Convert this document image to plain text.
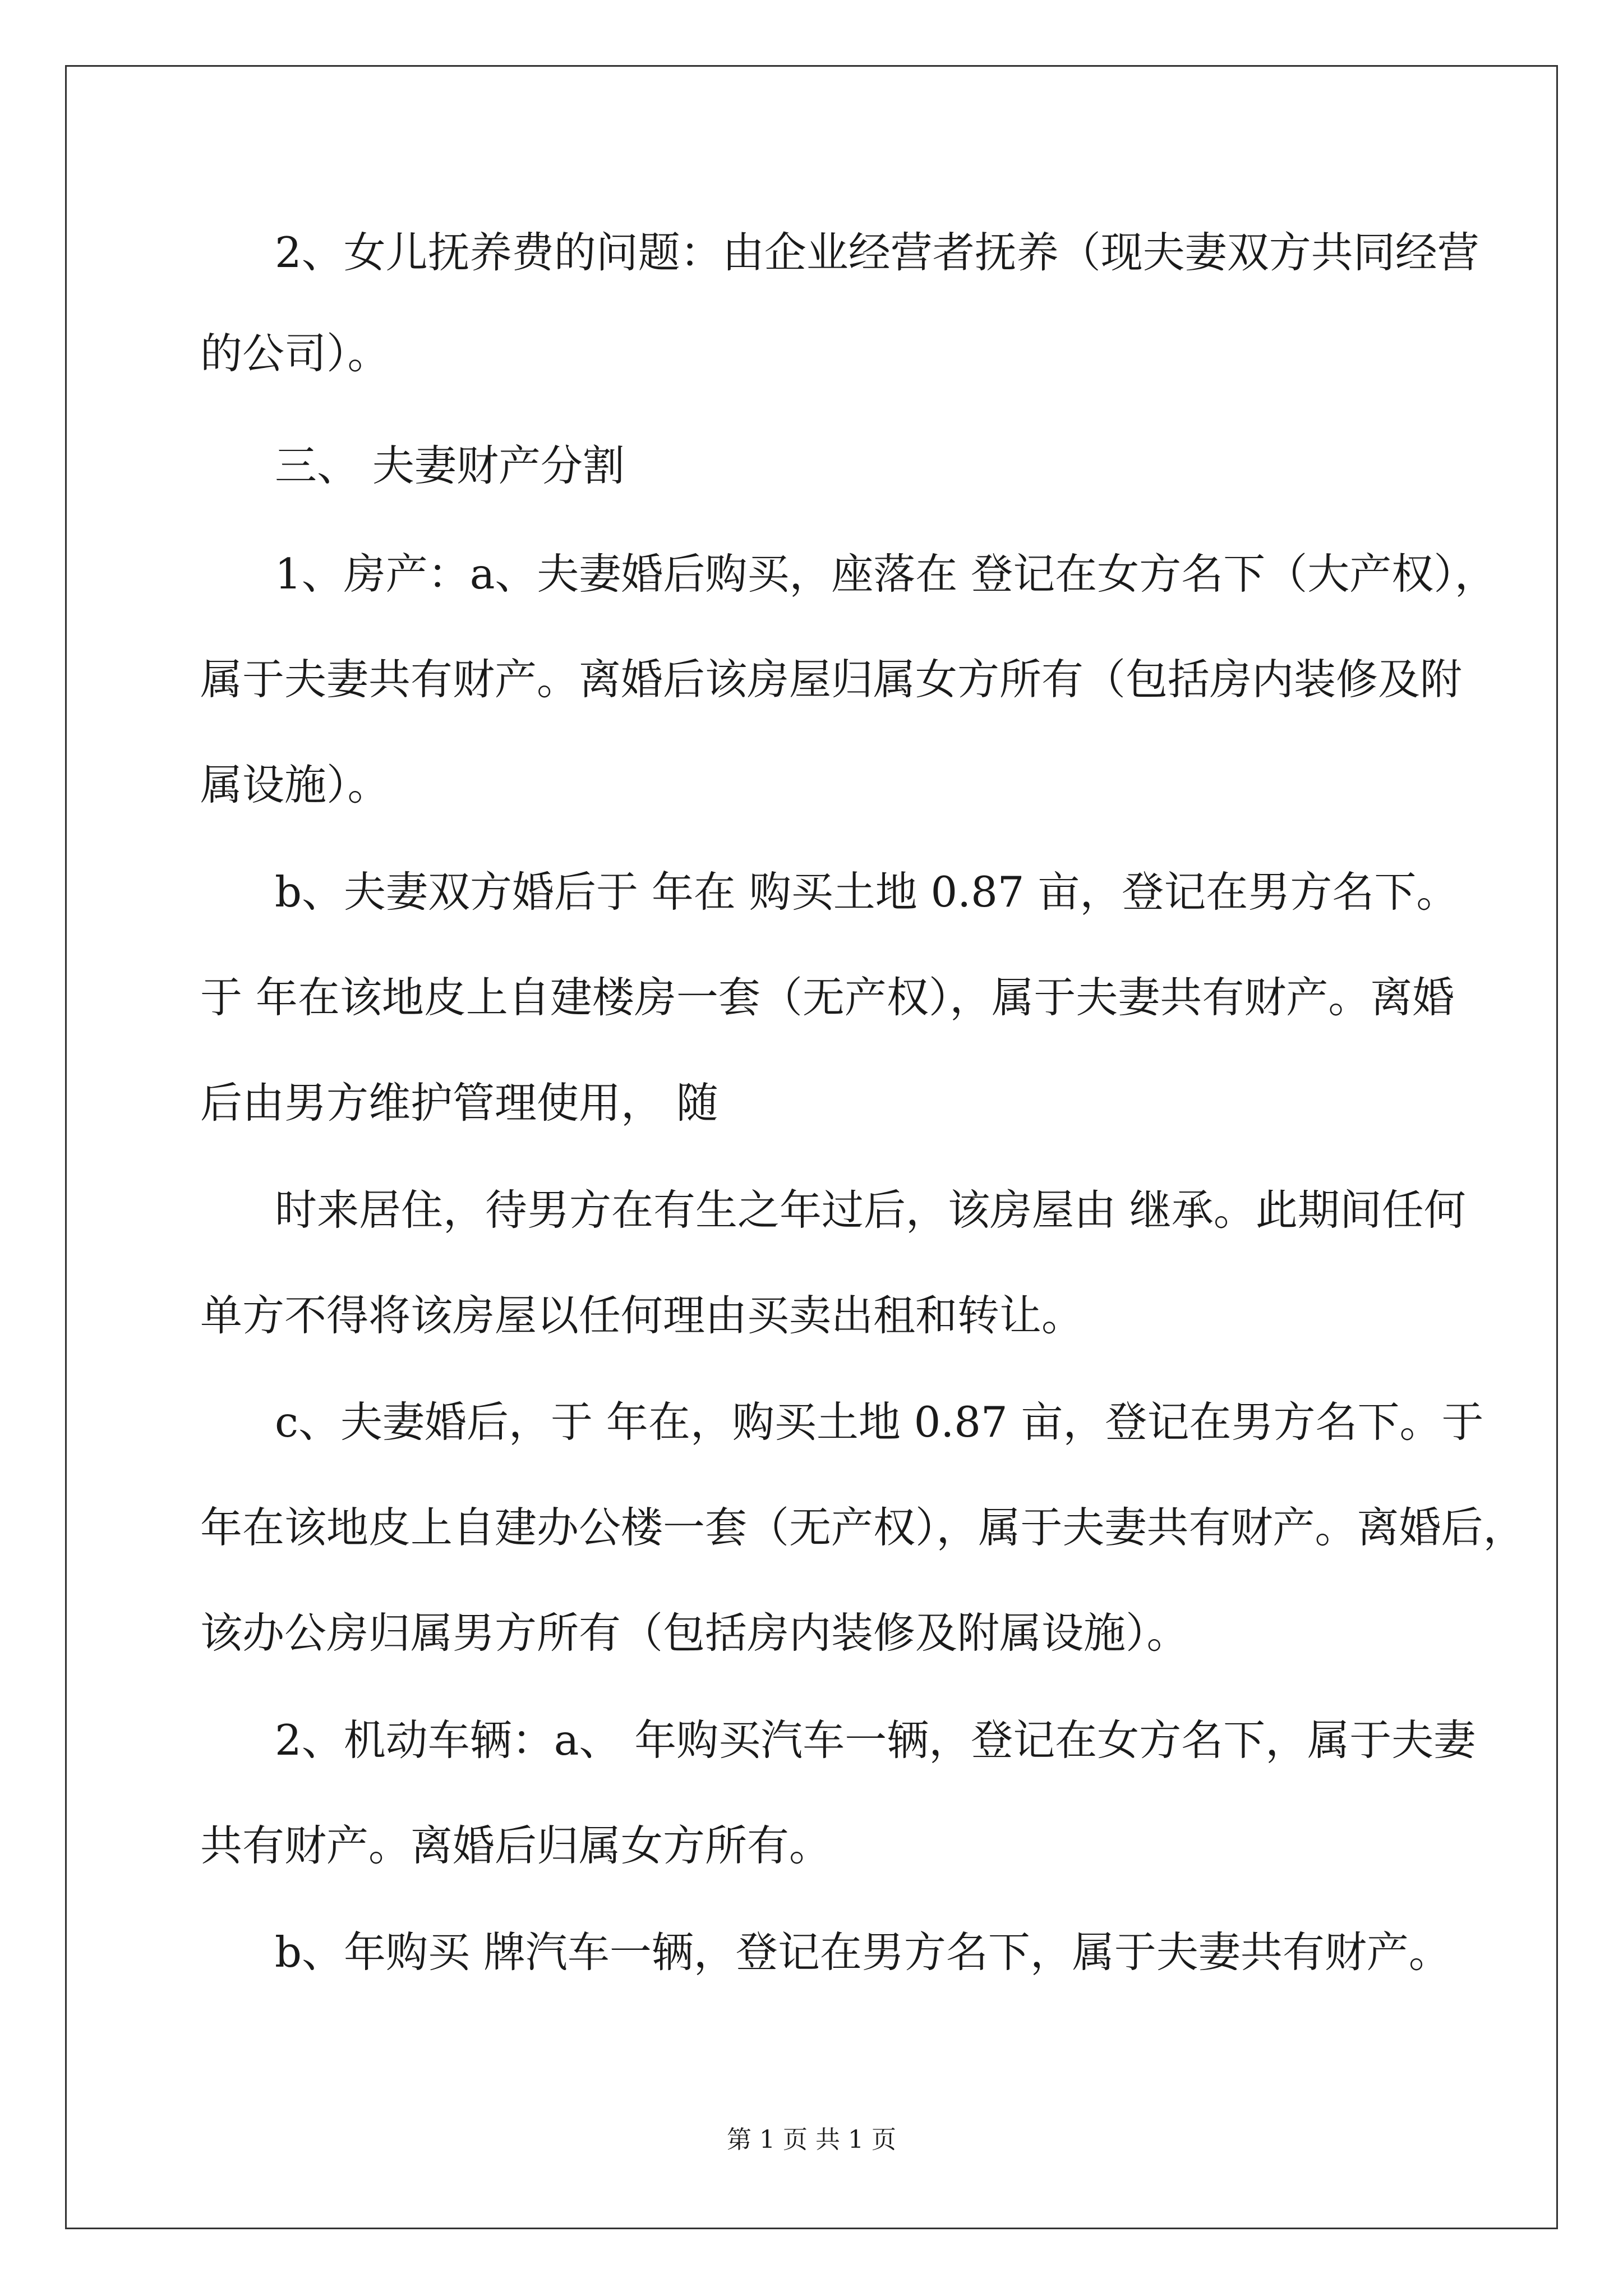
2、女儿抚养费的问题：由企业经营者抚养（现夫妻双方共同经营

的公司）。

三、 夫妻财产分割

1、房产：a、夫妻婚后购买，座落在 登记在女方名下（大产权），

属于夫妻共有财产。离婚后该房屋归属女方所有（包括房内装修及附

属设施）。

b、夫妻双方婚后于 年在 购买土地 0.87 亩，登记在男方名下。

于 年在该地皮上自建楼房一套（无产权），属于夫妻共有财产。离婚

后由男方维护管理使用， 随

时来居住，待男方在有生之年过后，该房屋由 继承。此期间任何

单方不得将该房屋以任何理由买卖出租和转让。

c、夫妻婚后，于 年在，购买土地 0.87 亩，登记在男方名下。于

年在该地皮上自建办公楼一套（无产权），属于夫妻共有财产。离婚后，

该办公房归属男方所有（包括房内装修及附属设施）。

2、机动车辆：a、 年购买汽车一辆，登记在女方名下，属于夫妻

共有财产。离婚后归属女方所有。

b、年购买 牌汽车一辆，登记在男方名下，属于夫妻共有财产。

第 1 页 共 1 页
